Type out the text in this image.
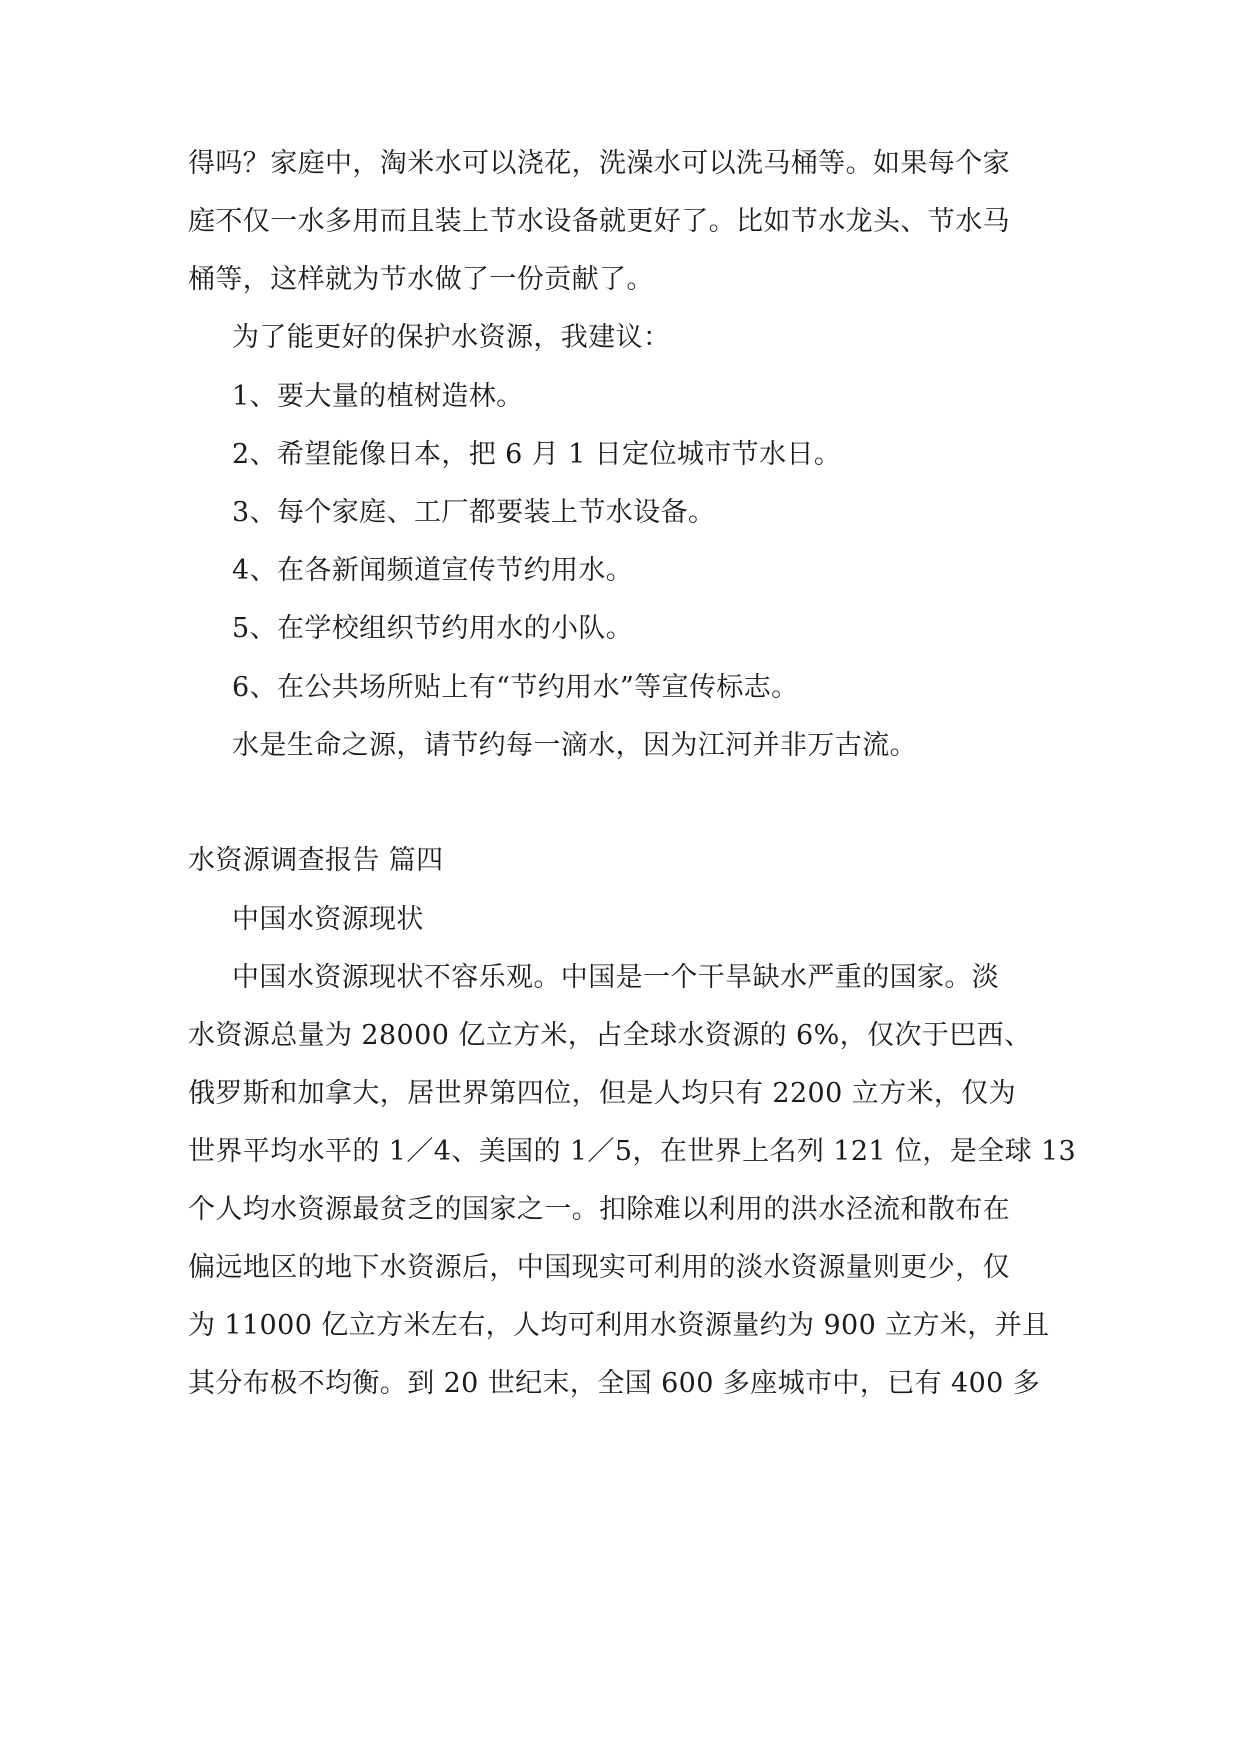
得吗？家庭中，淘米水可以浇花，洗澡水可以洗马桶等。如果每个家
庭不仅一水多用而且装上节水设备就更好了。比如节水龙头、节水马
桶等，这样就为节水做了一份贡献了。
为了能更好的保护水资源，我建议：
1、要大量的植树造林。
2、希望能像日本，把 6 月 1 日定位城市节水日。
3、每个家庭、工厂都要装上节水设备。
4、在各新闻频道宣传节约用水。
5、在学校组织节约用水的小队。
6、在公共场所贴上有“节约用水”等宣传标志。
水是生命之源，请节约每一滴水，因为江河并非万古流。
水资源调查报告 篇四
中国水资源现状
中国水资源现状不容乐观。中国是一个干旱缺水严重的国家。淡
水资源总量为 28000 亿立方米，占全球水资源的 6%，仅次于巴西、
俄罗斯和加拿大，居世界第四位，但是人均只有 2200 立方米，仅为
世界平均水平的 1／4、美国的 1／5，在世界上名列 121 位，是全球 13
个人均水资源最贫乏的国家之一。扣除难以利用的洪水泾流和散布在
偏远地区的地下水资源后，中国现实可利用的淡水资源量则更少，仅
为 11000 亿立方米左右，人均可利用水资源量约为 900 立方米，并且
其分布极不均衡。到 20 世纪末，全国 600 多座城市中，已有 400 多
